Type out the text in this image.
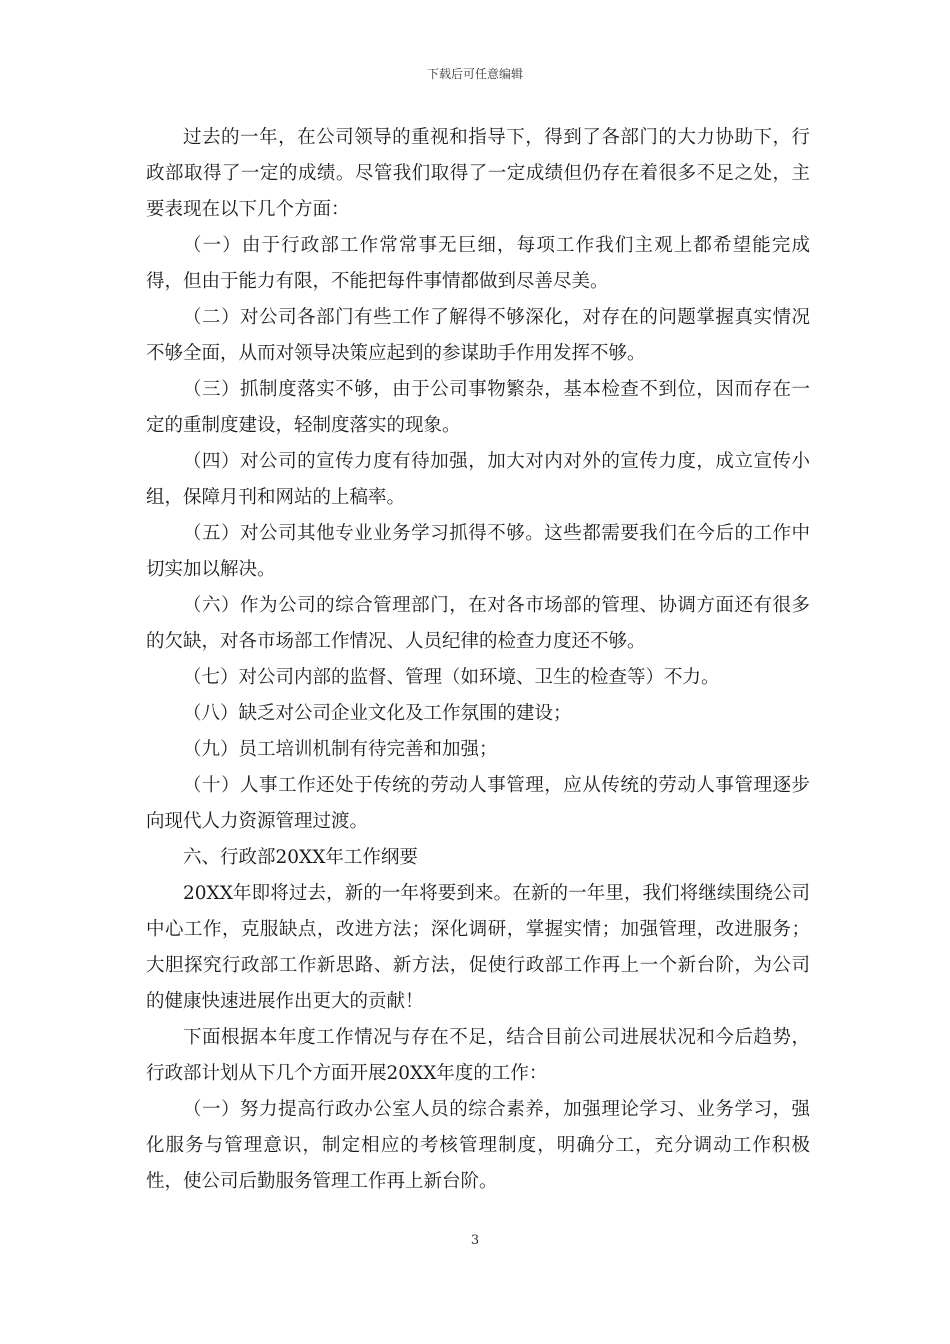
下载后可任意编辑

过去的一年，在公司领导的重视和指导下，得到了各部门的大力协助下，行政部取得了一定的成绩。尽管我们取得了一定成绩但仍存在着很多不足之处，主要表现在以下几个方面：

（一）由于行政部工作常常事无巨细，每项工作我们主观上都希望能完成得，但由于能力有限，不能把每件事情都做到尽善尽美。

（二）对公司各部门有些工作了解得不够深化，对存在的问题掌握真实情况不够全面，从而对领导决策应起到的参谋助手作用发挥不够。

（三）抓制度落实不够，由于公司事物繁杂，基本检查不到位，因而存在一定的重制度建设，轻制度落实的现象。

（四）对公司的宣传力度有待加强，加大对内对外的宣传力度，成立宣传小组，保障月刊和网站的上稿率。

（五）对公司其他专业业务学习抓得不够。这些都需要我们在今后的工作中切实加以解决。

（六）作为公司的综合管理部门，在对各市场部的管理、协调方面还有很多的欠缺，对各市场部工作情况、人员纪律的检查力度还不够。

（七）对公司内部的监督、管理（如环境、卫生的检查等）不力。

（八）缺乏对公司企业文化及工作氛围的建设；

（九）员工培训机制有待完善和加强；

（十）人事工作还处于传统的劳动人事管理，应从传统的劳动人事管理逐步向现代人力资源管理过渡。

六、行政部20XX年工作纲要

20XX年即将过去，新的一年将要到来。在新的一年里，我们将继续围绕公司中心工作，克服缺点，改进方法；深化调研，掌握实情；加强管理，改进服务；大胆探究行政部工作新思路、新方法，促使行政部工作再上一个新台阶，为公司的健康快速进展作出更大的贡献！

下面根据本年度工作情况与存在不足，结合目前公司进展状况和今后趋势，行政部计划从下几个方面开展20XX年度的工作：

（一）努力提高行政办公室人员的综合素养，加强理论学习、业务学习，强化服务与管理意识，制定相应的考核管理制度，明确分工，充分调动工作积极性，使公司后勤服务管理工作再上新台阶。

3
